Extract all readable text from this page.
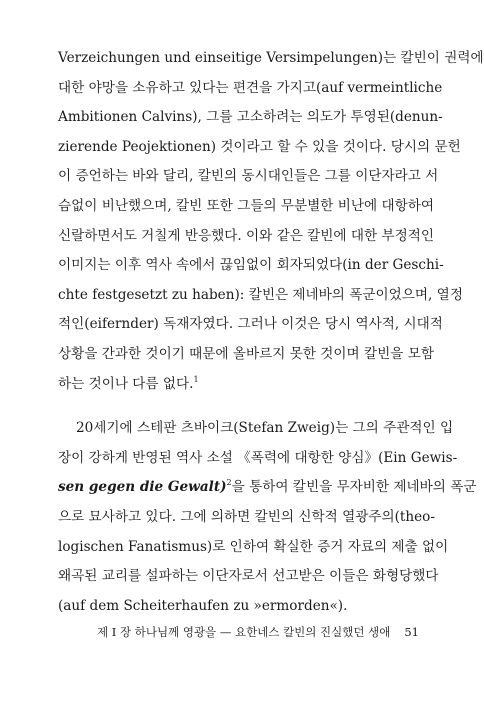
Verzeichungen und einseitige Versimpelungen)는 칼빈이 권력에
대한 야망을 소유하고 있다는 편견을 가지고(auf vermeintliche
Ambitionen Calvins), 그를 고소하려는 의도가 투영된(denun-
zierende Peojektionen) 것이라고 할 수 있을 것이다. 당시의 문헌
이 증언하는 바와 달리, 칼빈의 동시대인들은 그를 이단자라고 서
슴없이 비난했으며, 칼빈 또한 그들의 무분별한 비난에 대항하여
신랄하면서도 거칠게 반응했다. 이와 같은 칼빈에 대한 부정적인
이미지는 이후 역사 속에서 끊임없이 회자되었다(in der Geschi-
chte festgesetzt zu haben): 칼빈은 제네바의 폭군이었으며, 열정
적인(eifernder) 독재자였다. 그러나 이것은 당시 역사적, 시대적
상황을 간과한 것이기 때문에 올바르지 못한 것이며 칼빈을 모함
하는 것이나 다름 없다.$^1$
20세기에 스테판 츠바이크(Stefan Zweig)는 그의 주관적인 입
장이 강하게 반영된 역사 소설 《폭력에 대항한 양심》(Ein Gewis-
sen gegen die Gewalt)$^2$을 통하여 칼빈을 무자비한 제네바의 폭군
으로 묘사하고 있다. 그에 의하면 칼빈의 신학적 열광주의(theo-
logischen Fanatismus)로 인하여 확실한 증거 자료의 제출 없이
왜곡된 교리를 설파하는 이단자로서 선고받은 이들은 화형당했다
(auf dem Scheiterhaufen zu »ermorden«).
제 I 장 하나님께 영광을 — 요한네스 칼빈의 진실했던 생애 51
